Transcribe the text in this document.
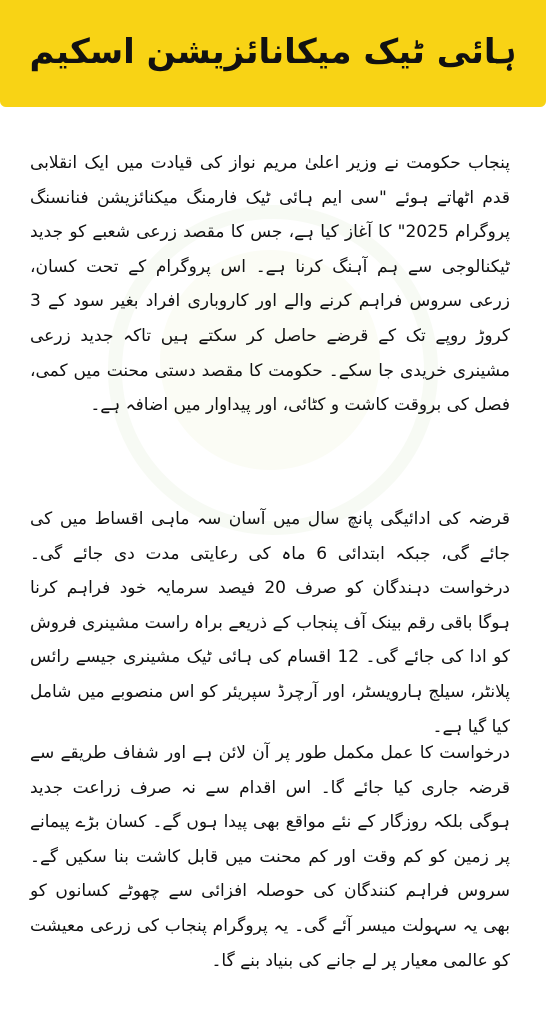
ہائی ٹیک میکانائزیشن اسکیم

پنجاب حکومت نے وزیر اعلیٰ مریم نواز کی قیادت میں ایک انقلابی قدم اٹھاتے ہوئے "سی ایم ہائی ٹیک فارمنگ میکنائزیشن فنانسنگ پروگرام 2025" کا آغاز کیا ہے، جس کا مقصد زرعی شعبے کو جدید ٹیکنالوجی سے ہم آہنگ کرنا ہے۔ اس پروگرام کے تحت کسان، زرعی سروس فراہم کرنے والے اور کاروباری افراد بغیر سود کے 3 کروڑ روپے تک کے قرضے حاصل کر سکتے ہیں تاکہ جدید زرعی مشینری خریدی جا سکے۔ حکومت کا مقصد دستی محنت میں کمی، فصل کی بروقت کاشت و کٹائی، اور پیداوار میں اضافہ ہے۔

قرضہ کی ادائیگی پانچ سال میں آسان سہ ماہی اقساط میں کی جائے گی، جبکہ ابتدائی 6 ماہ کی رعایتی مدت دی جائے گی۔ درخواست دہندگان کو صرف 20 فیصد سرمایہ خود فراہم کرنا ہوگا باقی رقم بینک آف پنجاب کے ذریعے براہ راست مشینری فروش کو ادا کی جائے گی۔ 12 اقسام کی ہائی ٹیک مشینری جیسے رائس پلانٹر، سیلج ہارویسٹر، اور آرچرڈ سپریئر کو اس منصوبے میں شامل کیا گیا ہے۔

درخواست کا عمل مکمل طور پر آن لائن ہے اور شفاف طریقے سے قرضہ جاری کیا جائے گا۔ اس اقدام سے نہ صرف زراعت جدید ہوگی بلکہ روزگار کے نئے مواقع بھی پیدا ہوں گے۔ کسان بڑے پیمانے پر زمین کو کم وقت اور کم محنت میں قابل کاشت بنا سکیں گے۔ سروس فراہم کنندگان کی حوصلہ افزائی سے چھوٹے کسانوں کو بھی یہ سہولت میسر آئے گی۔ یہ پروگرام پنجاب کی زرعی معیشت کو عالمی معیار پر لے جانے کی بنیاد بنے گا۔
